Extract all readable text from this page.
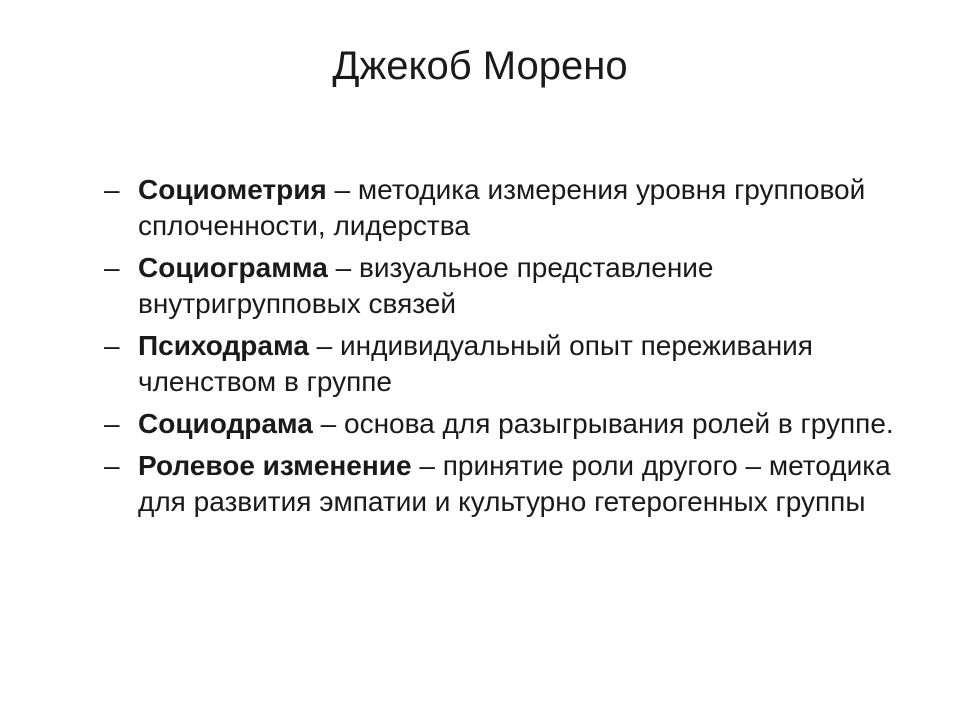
Джекоб Морено
– Социометрия – методика измерения уровня групповой сплоченности, лидерства
– Социограмма – визуальное представление внутригрупповых связей
– Психодрама – индивидуальный опыт переживания членством в группе
– Социодрама – основа для разыгрывания ролей в группе.
– Ролевое изменение – принятие роли другого – методика для развития эмпатии и культурно гетерогенных группы
